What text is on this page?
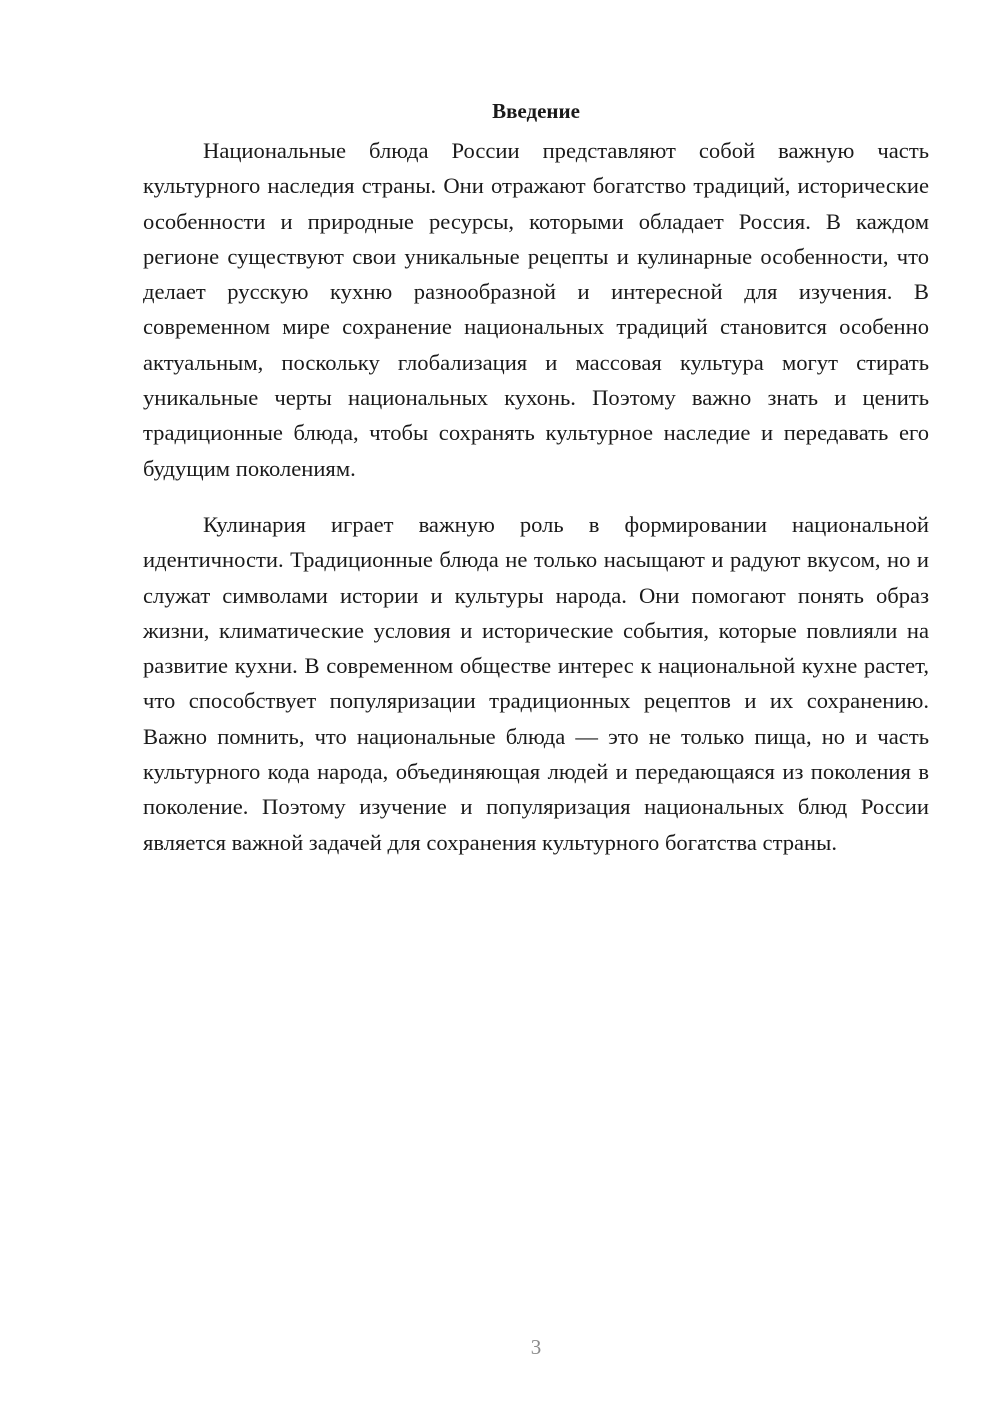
Введение

Национальные блюда России представляют собой важную часть культурного наследия страны. Они отражают богатство традиций, исторические особенности и природные ресурсы, которыми обладает Россия. В каждом регионе существуют свои уникальные рецепты и кулинарные особенности, что делает русскую кухню разнообразной и интересной для изучения. В современном мире сохранение национальных традиций становится особенно актуальным, поскольку глобализация и массовая культура могут стирать уникальные черты национальных кухонь. Поэтому важно знать и ценить традиционные блюда, чтобы сохранять культурное наследие и передавать его будущим поколениям.

Кулинария играет важную роль в формировании национальной идентичности. Традиционные блюда не только насыщают и радуют вкусом, но и служат символами истории и культуры народа. Они помогают понять образ жизни, климатические условия и исторические события, которые повлияли на развитие кухни. В современном обществе интерес к национальной кухне растет, что способствует популяризации традиционных рецептов и их сохранению. Важно помнить, что национальные блюда — это не только пища, но и часть культурного кода народа, объединяющая людей и передающаяся из поколения в поколение. Поэтому изучение и популяризация национальных блюд России является важной задачей для сохранения культурного богатства страны.

3
